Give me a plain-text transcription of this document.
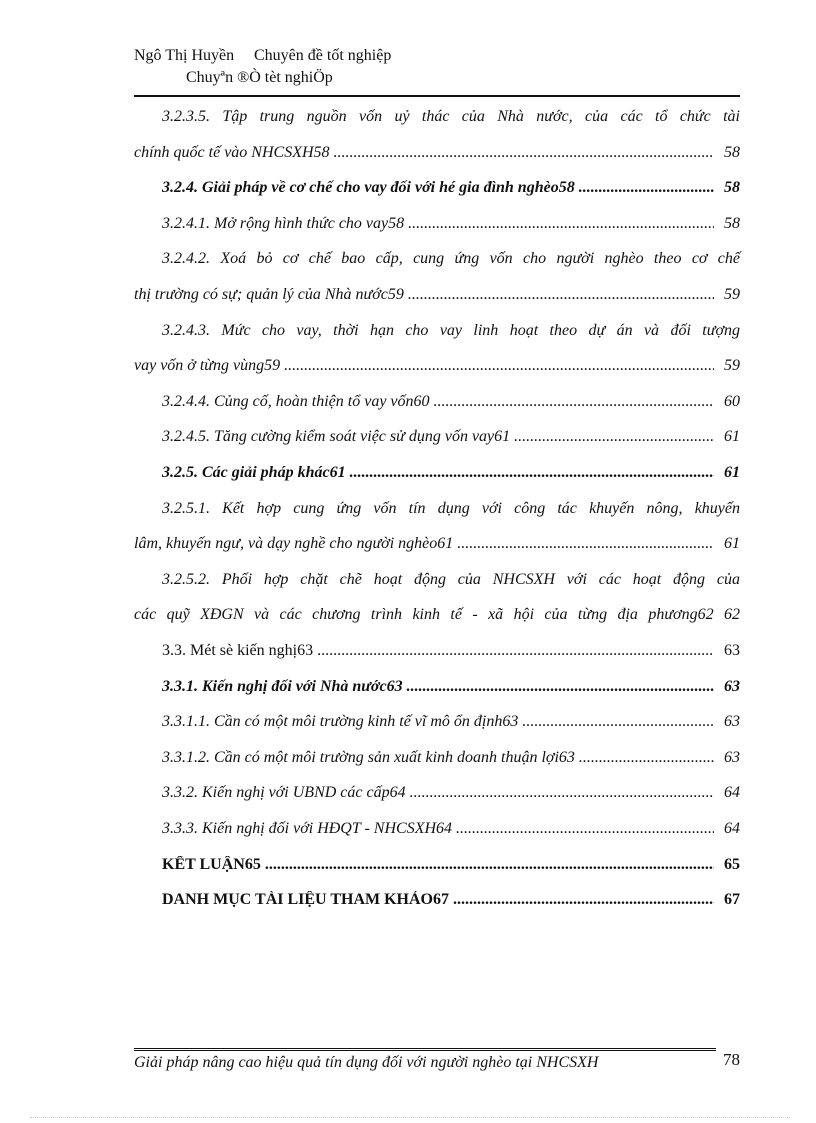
Ngô Thị Huyền Chuyên đề tốt nghiệp
Chuyªn ®Ò tèt nghiÖp
3.2.3.5. Tập trung nguồn vốn uỷ thác của Nhà nước, của các tổ chức tài
chính quốc tế vào NHCSXH58 .....	58
3.2.4. Giải pháp về cơ chế cho vay đối với hé gia đình nghèo58 .....	58
3.2.4.1. Mở rộng hình thức cho vay58 .....	58
3.2.4.2. Xoá bỏ cơ chế bao cấp, cung ứng vốn cho người nghèo theo cơ chế
thị trường có sự; quản lý của Nhà nước59 .....	59
3.2.4.3. Mức cho vay, thời hạn cho vay linh hoạt theo dự án và đối tượng
vay vốn ở từng vùng59 .....	59
3.2.4.4. Củng cố, hoàn thiện tổ vay vốn60 .....	60
3.2.4.5. Tăng cường kiểm soát việc sử dụng vốn vay61 .....	61
3.2.5. Các giải pháp khác61 .....	61
3.2.5.1. Kết hợp cung ứng vốn tín dụng với công tác khuyến nông, khuyến
lâm, khuyến ngư, và dạy nghề cho người nghèo61 .....	61
3.2.5.2. Phối hợp chặt chẽ hoạt động của NHCSXH với các hoạt động của
các quỹ XĐGN và các chương trình kinh tế - xã hội của từng địa phương62 62
3.3. Mét sè kiến nghị63 .....	63
3.3.1. Kiến nghị đối với Nhà nước63 .....	63
3.3.1.1. Cần có một môi trường kinh tế vĩ mô ổn định63 .....	63
3.3.1.2. Cần có một môi trường sản xuất kinh doanh thuận lợi63 .....	63
3.3.2. Kiến nghị với UBND các cấp64 .....	64
3.3.3. Kiến nghị đối với HĐQT - NHCSXH64 .....	64
KẾT LUẬN65 .....	65
DANH MỤC TÀI LIỆU THAM KHẢO67 .....	67
Giải pháp nâng cao hiệu quả tín dụng đối với người nghèo tại NHCSXH	78
